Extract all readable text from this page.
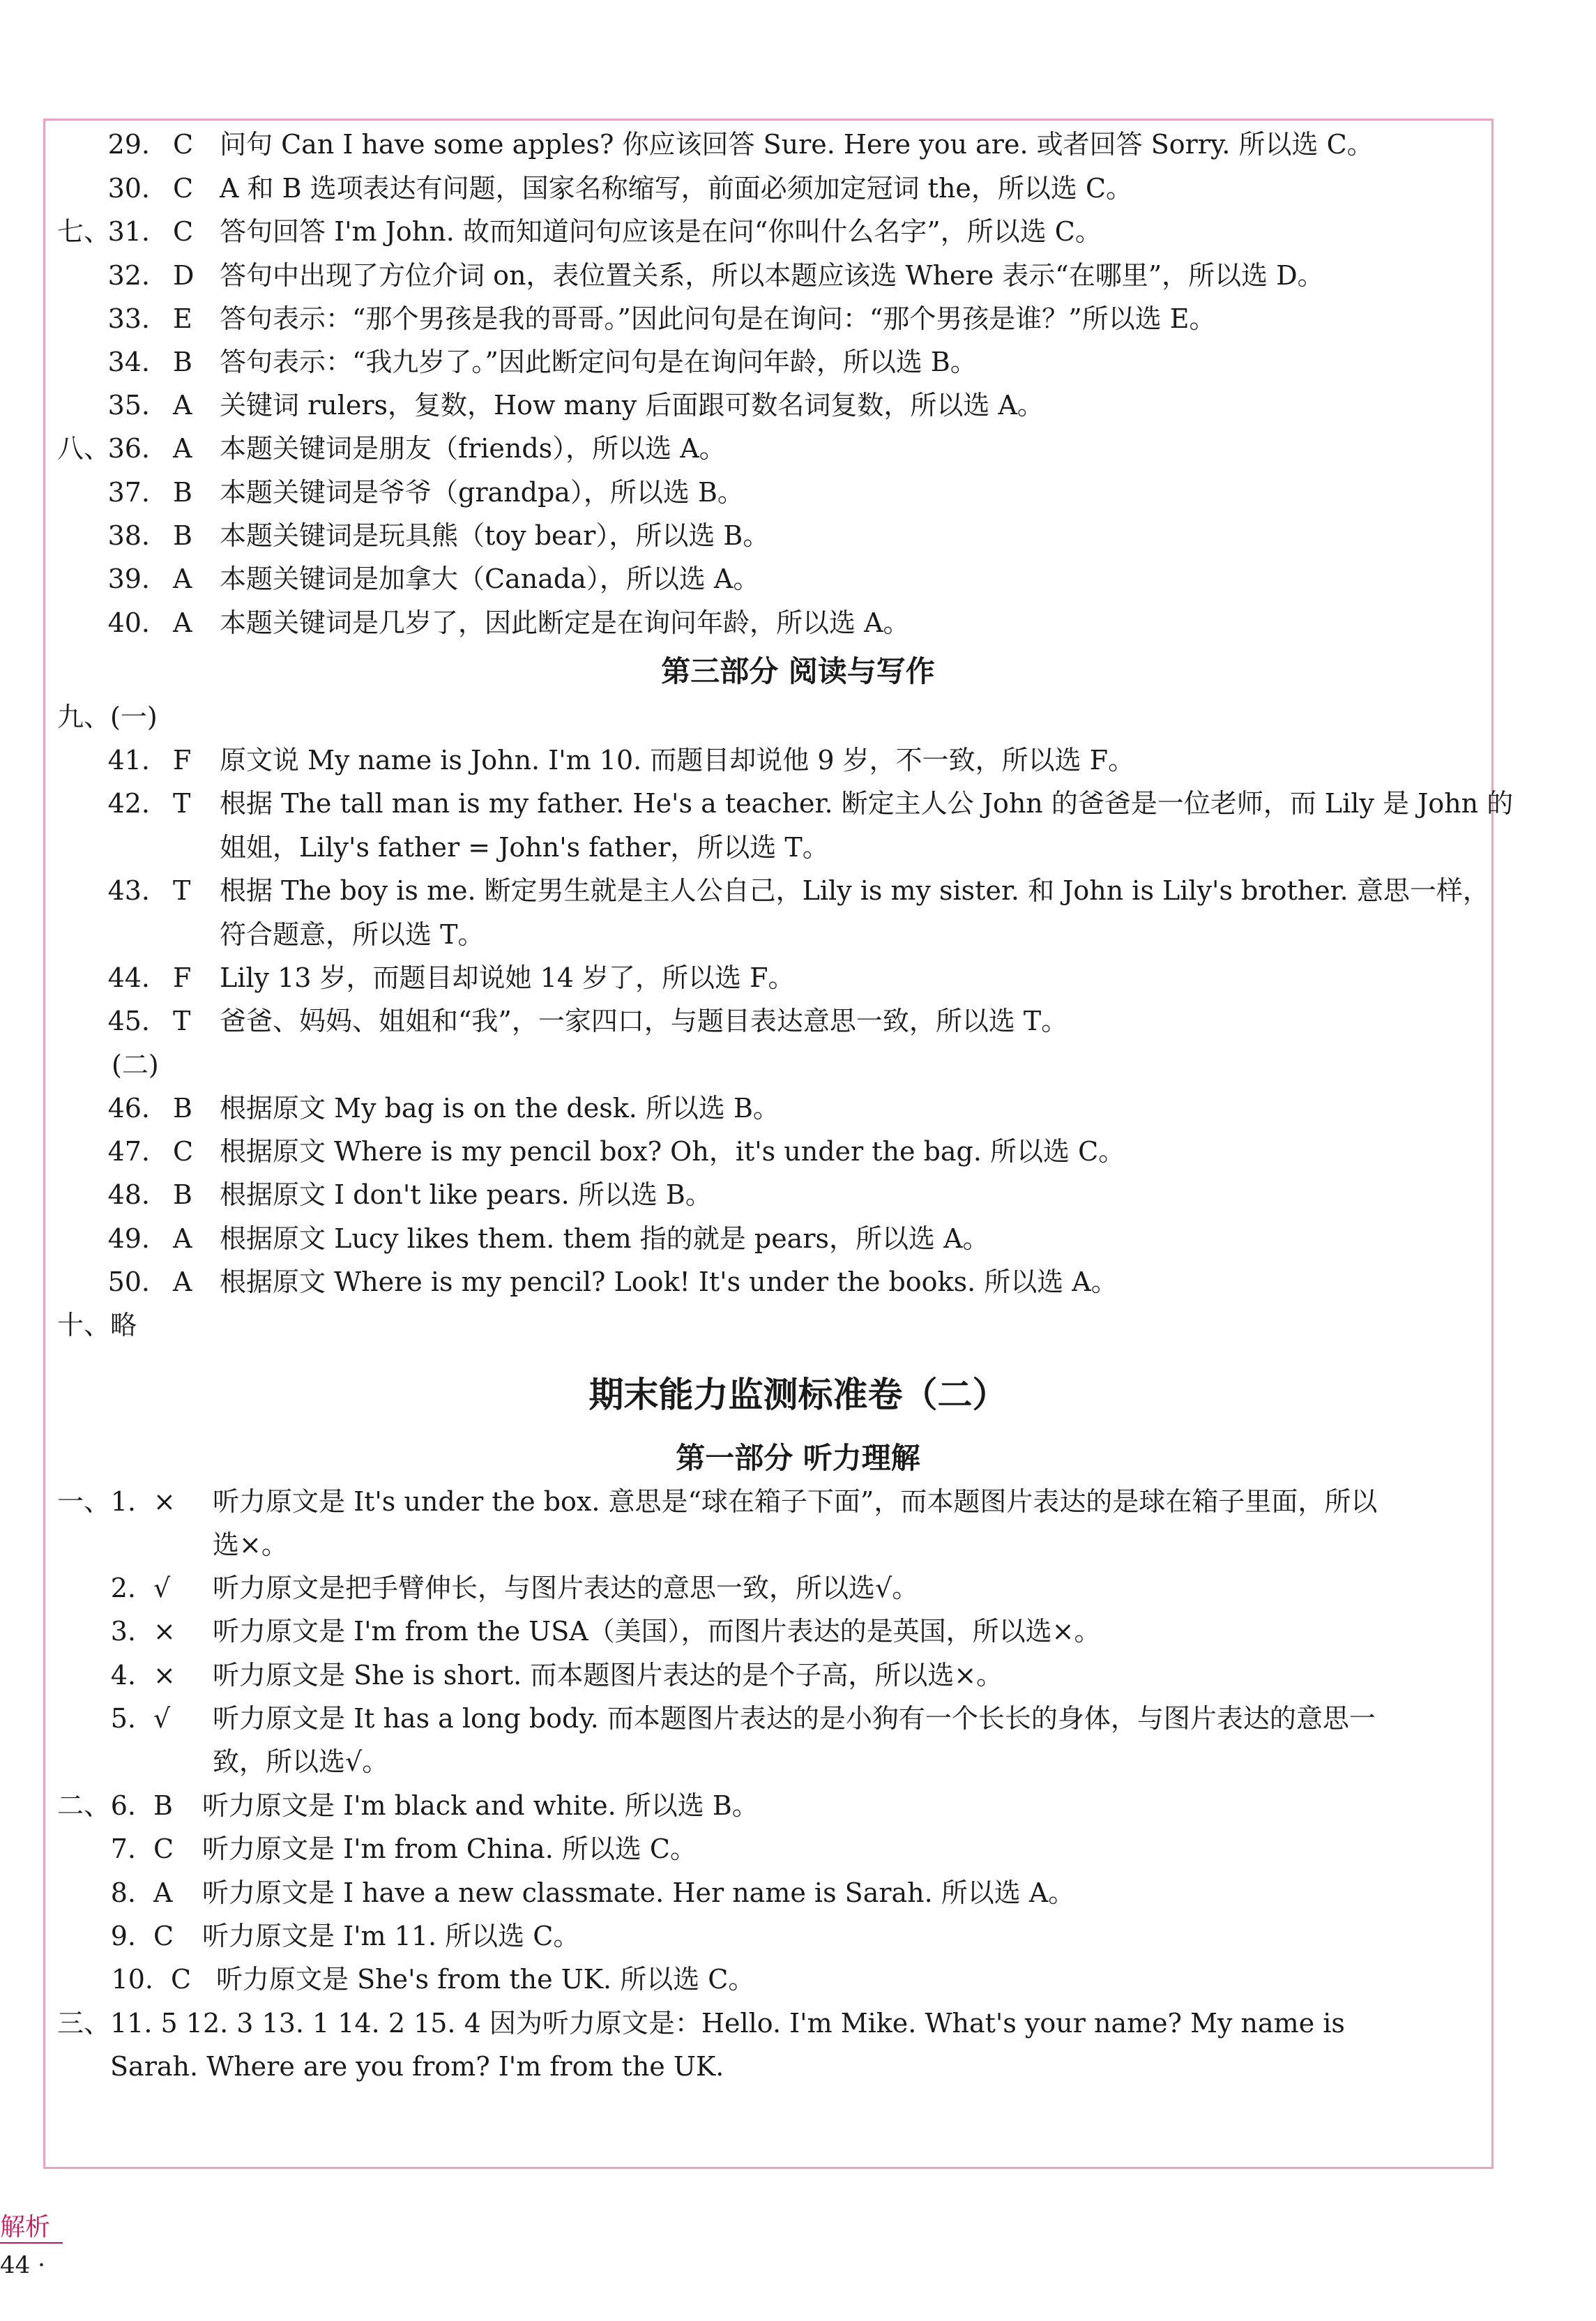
29. C 问句 Can I have some apples? 你应该回答 Sure. Here you are. 或者回答 Sorry. 所以选 C。
30. C A 和 B 选项表达有问题，国家名称缩写，前面必须加定冠词 the，所以选 C。
七、
31. C 答句回答 I'm John. 故而知道问句应该是在问“你叫什么名字”，所以选 C。
32. D 答句中出现了方位介词 on，表位置关系，所以本题应该选 Where 表示“在哪里”，所以选 D。
33. E 答句表示：“那个男孩是我的哥哥。”因此问句是在询问：“那个男孩是谁？”所以选 E。
34. B 答句表示：“我九岁了。”因此断定问句是在询问年龄，所以选 B。
35. A 关键词 rulers，复数，How many 后面跟可数名词复数，所以选 A。
八、
36. A 本题关键词是朋友（friends），所以选 A。
37. B 本题关键词是爷爷（grandpa），所以选 B。
38. B 本题关键词是玩具熊（toy bear），所以选 B。
39. A 本题关键词是加拿大（Canada），所以选 A。
40. A 本题关键词是几岁了，因此断定是在询问年龄，所以选 A。
九、(一)
41. F 原文说 My name is John. I'm 10. 而题目却说他 9 岁，不一致，所以选 F。
42. T 根据 The tall man is my father. He's a teacher. 断定主人公 John 的爸爸是一位老师，而 Lily 是 John 的
姐姐，Lily's father = John's father，所以选 T。
43. T 根据 The boy is me. 断定男生就是主人公自己，Lily is my sister. 和 John is Lily's brother. 意思一样，
符合题意，所以选 T。
44. F Lily 13 岁，而题目却说她 14 岁了，所以选 F。
45. T 爸爸、妈妈、姐姐和“我”，一家四口，与题目表达意思一致，所以选 T。
(二)
46. B 根据原文 My bag is on the desk. 所以选 B。
47. C 根据原文 Where is my pencil box? Oh，it's under the bag. 所以选 C。
48. B 根据原文 I don't like pears. 所以选 B。
49. A 根据原文 Lucy likes them. them 指的就是 pears，所以选 A。
50. A 根据原文 Where is my pencil? Look! It's under the books. 所以选 A。
十、略
一、 1. × 听力原文是 It's under the box. 意思是“球在箱子下面”，而本题图片表达的是球在箱子里面，所以
选×。
2. √ 听力原文是把手臂伸长，与图片表达的意思一致，所以选√。
3. × 听力原文是 I'm from the USA（美国），而图片表达的是英国，所以选×。
4. × 听力原文是 She is short. 而本题图片表达的是个子高，所以选×。
5. √ 听力原文是 It has a long body. 而本题图片表达的是小狗有一个长长的身体，与图片表达的意思一
致，所以选√。
二、 6. B 听力原文是 I'm black and white. 所以选 B。
7. C 听力原文是 I'm from China. 所以选 C。
8. A 听力原文是 I have a new classmate. Her name is Sarah. 所以选 A。
9. C 听力原文是 I'm 11. 所以选 C。
10. C 听力原文是 She's from the UK. 所以选 C。
三、 11. 5 12. 3 13. 1 14. 2 15. 4 因为听力原文是：Hello. I'm Mike. What's your name? My name is
Sarah. Where are you from? I'm from the UK.
第三部分 阅读与写作
期末能力监测标准卷（二）
第一部分 听力理解
解析
44 ·
